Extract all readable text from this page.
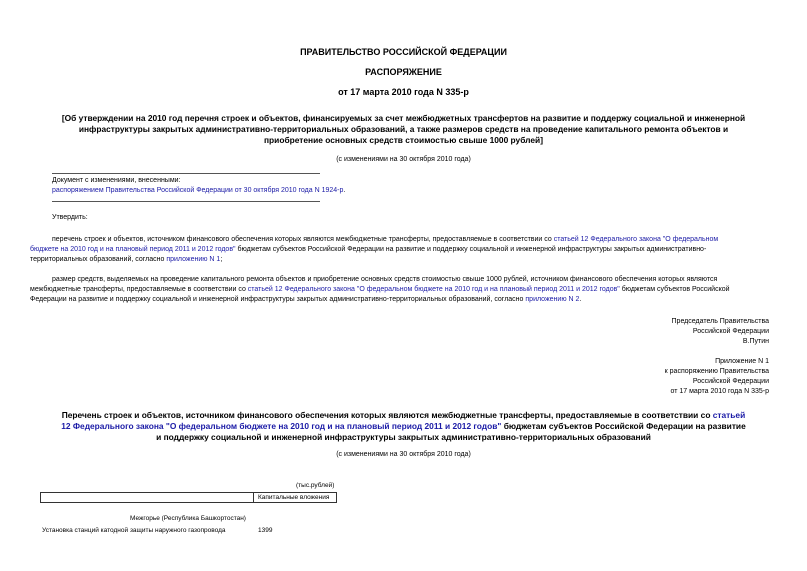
ПРАВИТЕЛЬСТВО РОССИЙСКОЙ ФЕДЕРАЦИИ
РАСПОРЯЖЕНИЕ
от 17 марта 2010 года N 335-р
[Об утверждении на 2010 год перечня строек и объектов, финансируемых за счет межбюджетных трансфертов на развитие и поддержу социальной и инженерной
инфраструктуры закрытых административно-территориальных образований, а также размеров средств на проведение капитального ремонта объектов и
приобретение основных средств стоимостью свыше 1000 рублей]
(с изменениями на 30 октября 2010 года)
Документ с изменениями, внесенными:
распоряжением Правительства Российской Федерации от 30 октября 2010 года N 1924-р.
Утвердить:
перечень строек и объектов, источником финансового обеспечения которых являются межбюджетные трансферты, предоставляемые в соответствии со статьей 12 Федерального закона "О федеральном
бюджете на 2010 год и на плановый период 2011 и 2012 годов" бюджетам субъектов Российской Федерации на развитие и поддержку социальной и инженерной инфраструктуры закрытых административно-
территориальных образований, согласно приложению N 1;
размер средств, выделяемых на проведение капитального ремонта объектов и приобретение основных средств стоимостью свыше 1000 рублей, источником финансового обеспечения которых являются
межбюджетные трансферты, предоставляемые в соответствии со статьей 12 Федерального закона "О федеральном бюджете на 2010 год и на плановый период 2011 и 2012 годов" бюджетам субъектов Российской
Федерации на развитие и поддержку социальной и инженерной инфраструктуры закрытых административно-территориальных образований, согласно приложению N 2.
Председатель Правительства
Российской Федерации
В.Путин
Приложение N 1
к распоряжению Правительства
Российской Федерации
от 17 марта 2010 года N 335-р
Перечень строек и объектов, источником финансового обеспечения которых являются межбюджетные трансферты, предоставляемые в соответствии со статьей
12 Федерального закона "О федеральном бюджете на 2010 год и на плановый период 2011 и 2012 годов" бюджетам субъектов Российской Федерации на развитие
и поддержку социальной и инженерной инфраструктуры закрытых административно-территориальных образований
(с изменениями на 30 октября 2010 года)
(тыс.рублей)
	Капитальные вложения
Межгорье (Республика Башкортостан)
Установка станций катодной защиты наружного газопровода	1399
